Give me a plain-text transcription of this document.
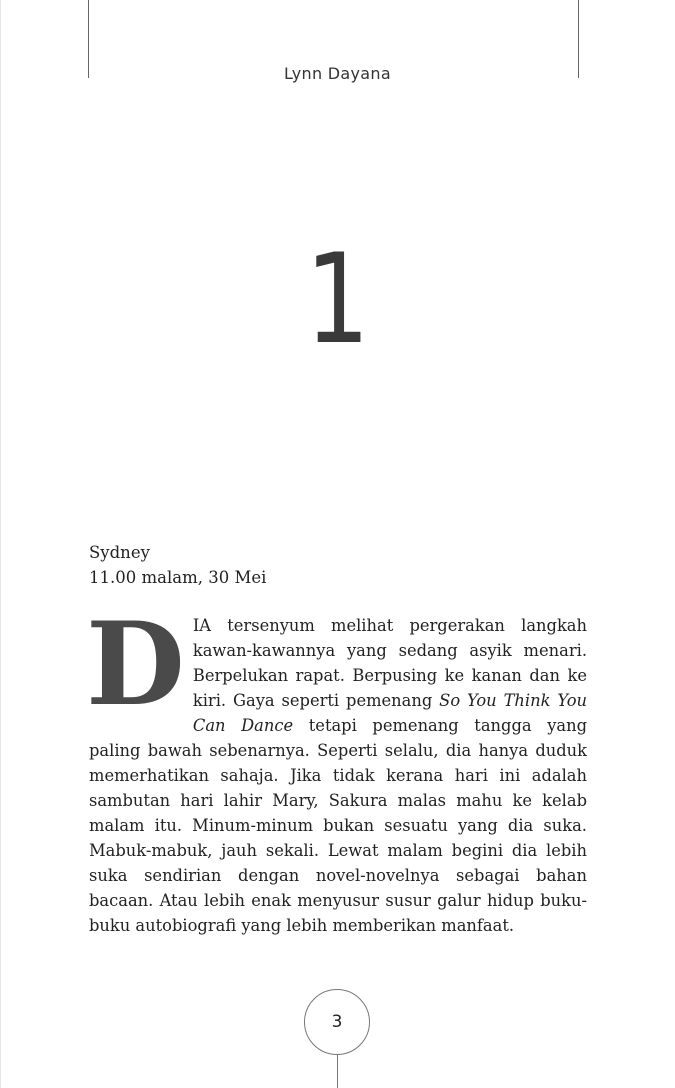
Lynn Dayana
1
Sydney
11.00 malam, 30 Mei
DIA tersenyum melihat pergerakan langkah kawan-kawannya yang sedang asyik menari. Berpelukan rapat. Berpusing ke kanan dan ke kiri. Gaya seperti pemenang So You Think You Can Dance tetapi pemenang tangga yang paling bawah sebenarnya. Seperti selalu, dia hanya duduk memerhatikan sahaja. Jika tidak kerana hari ini adalah sambutan hari lahir Mary, Sakura malas mahu ke kelab malam itu. Minum-minum bukan sesuatu yang dia suka. Mabuk-mabuk, jauh sekali. Lewat malam begini dia lebih suka sendirian dengan novel-novelnya sebagai bahan bacaan. Atau lebih enak menyusur susur galur hidup buku-buku autobiografi yang lebih memberikan manfaat.
3
